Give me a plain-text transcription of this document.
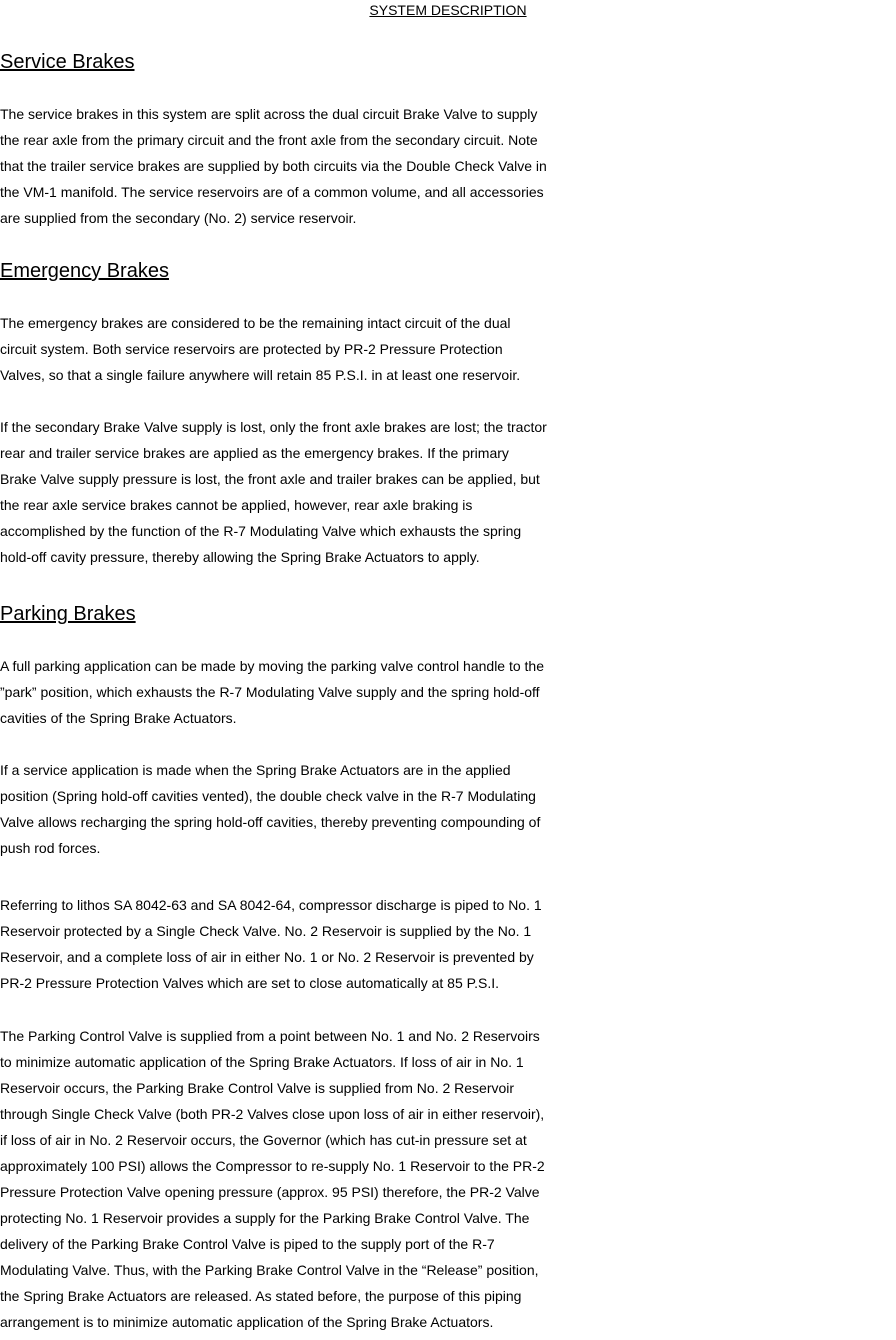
SYSTEM DESCRIPTION
Service Brakes

The service brakes in this system are split across the dual circuit Brake Valve to supply
the rear axle from the primary circuit and the front axle from the secondary circuit. Note
that the trailer service brakes are supplied by both circuits via the Double Check Valve in
the VM-1 manifold. The service reservoirs are of a common volume, and all accessories
are supplied from the secondary (No. 2) service reservoir.

Emergency Brakes

The emergency brakes are considered to be the remaining intact circuit of the dual
circuit system. Both service reservoirs are protected by PR-2 Pressure Protection
Valves, so that a single failure anywhere will retain 85 P.S.I. in at least one reservoir.

If the secondary Brake Valve supply is lost, only the front axle brakes are lost; the tractor
rear and trailer service brakes are applied as the emergency brakes. If the primary
Brake Valve supply pressure is lost, the front axle and trailer brakes can be applied, but
the rear axle service brakes cannot be applied, however, rear axle braking is
accomplished by the function of the R-7 Modulating Valve which exhausts the spring
hold-off cavity pressure, thereby allowing the Spring Brake Actuators to apply.

Parking Brakes

A full parking application can be made by moving the parking valve control handle to the
”park” position, which exhausts the R-7 Modulating Valve supply and the spring hold-off
cavities of the Spring Brake Actuators.

If a service application is made when the Spring Brake Actuators are in the applied
position (Spring hold-off cavities vented), the double check valve in the R-7 Modulating
Valve allows recharging the spring hold-off cavities, thereby preventing compounding of
push rod forces.

Referring to lithos SA 8042-63 and SA 8042-64, compressor discharge is piped to No. 1
Reservoir protected by a Single Check Valve. No. 2 Reservoir is supplied by the No. 1
Reservoir, and a complete loss of air in either No. 1 or No. 2 Reservoir is prevented by
PR-2 Pressure Protection Valves which are set to close automatically at 85 P.S.I.

The Parking Control Valve is supplied from a point between No. 1 and No. 2 Reservoirs
to minimize automatic application of the Spring Brake Actuators. If loss of air in No. 1
Reservoir occurs, the Parking Brake Control Valve is supplied from No. 2 Reservoir
through Single Check Valve (both PR-2 Valves close upon loss of air in either reservoir),
if loss of air in No. 2 Reservoir occurs, the Governor (which has cut-in pressure set at
approximately 100 PSI) allows the Compressor to re-supply No. 1 Reservoir to the PR-2
Pressure Protection Valve opening pressure (approx. 95 PSI) therefore, the PR-2 Valve
protecting No. 1 Reservoir provides a supply for the Parking Brake Control Valve. The
delivery of the Parking Brake Control Valve is piped to the supply port of the R-7
Modulating Valve. Thus, with the Parking Brake Control Valve in the “Release” position,
the Spring Brake Actuators are released. As stated before, the purpose of this piping
arrangement is to minimize automatic application of the Spring Brake Actuators.
